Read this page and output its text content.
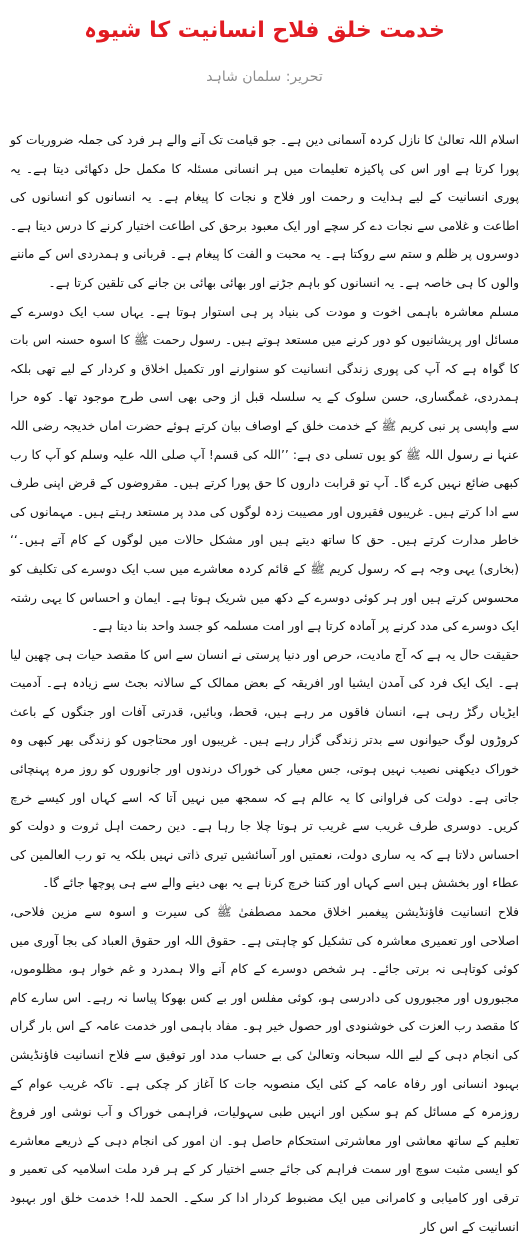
خدمت خلق فلاح انسانیت کا شیوہ
تحریر: سلمان شاہد

اسلام اللہ تعالیٰ کا نازل کردہ آسمانی دین ہے۔ جو قیامت تک آنے والے ہر فرد کی جملہ ضروریات کو پورا کرتا ہے اور اس کی پاکیزہ تعلیمات میں ہر انسانی مسئلہ کا مکمل حل دکھائی دیتا ہے۔ یہ پوری انسانیت کے لیے ہدایت و رحمت اور فلاح و نجات کا پیغام ہے۔ یہ انسانوں کو انسانوں کی اطاعت و غلامی سے نجات دے کر سچے اور ایک معبود برحق کی اطاعت اختیار کرنے کا درس دیتا ہے۔ دوسروں پر ظلم و ستم سے روکتا ہے۔ یہ محبت و الفت کا پیغام ہے۔ قربانی و ہمدردی اس کے ماننے والوں کا ہی خاصہ ہے۔ یہ انسانوں کو باہم جڑنے اور بھائی بھائی بن جانے کی تلقین کرتا ہے۔

مسلم معاشرہ باہمی اخوت و مودت کی بنیاد پر ہی استوار ہوتا ہے۔ یہاں سب ایک دوسرے کے مسائل اور پریشانیوں کو دور کرنے میں مستعد ہوتے ہیں۔ رسول رحمت ﷺ کا اسوہ حسنہ اس بات کا گواہ ہے کہ آپ کی پوری زندگی انسانیت کو سنوارنے اور تکمیل اخلاق و کردار کے لیے تھی بلکہ ہمدردی، غمگساری، حسن سلوک کے یہ سلسلہ قبل از وحی بھی اسی طرح موجود تھا۔ کوہ حرا سے واپسی پر نبی کریم ﷺ کے خدمت خلق کے اوصاف بیان کرتے ہوئے حضرت اماں خدیجہ رضی اللہ عنہا نے رسول اللہ ﷺ کو یوں تسلی دی ہے: ’’اللہ کی قسم! آپ صلی اللہ علیہ وسلم کو آپ کا رب کبھی ضائع نہیں کرے گا۔ آپ تو قرابت داروں کا حق پورا کرتے ہیں۔ مقروضوں کے قرض اپنی طرف سے ادا کرتے ہیں۔ غریبوں فقیروں اور مصیبت زدہ لوگوں کی مدد پر مستعد رہتے ہیں۔ مہمانوں کی خاطر مدارت کرتے ہیں۔ حق کا ساتھ دیتے ہیں اور مشکل حالات میں لوگوں کے کام آتے ہیں۔‘‘ (بخاری) یہی وجہ ہے کہ رسول کریم ﷺ کے قائم کردہ معاشرے میں سب ایک دوسرے کی تکلیف کو محسوس کرتے ہیں اور ہر کوئی دوسرے کے دکھ میں شریک ہوتا ہے۔ ایمان و احساس کا یہی رشتہ ایک دوسرے کی مدد کرنے پر آمادہ کرتا ہے اور امت مسلمہ کو جسد واحد بنا دیتا ہے۔

حقیقت حال یہ ہے کہ آج مادیت، حرص اور دنیا پرستی نے انسان سے اس کا مقصد حیات ہی چھین لیا ہے۔ ایک ایک فرد کی آمدن ایشیا اور افریقہ کے بعض ممالک کے سالانہ بجٹ سے زیادہ ہے۔ آدمیت ایڑیاں رگڑ رہی ہے، انسان فاقوں مر رہے ہیں، قحط، وبائیں، قدرتی آفات اور جنگوں کے باعث کروڑوں لوگ حیوانوں سے بدتر زندگی گزار رہے ہیں۔ غریبوں اور محتاجوں کو زندگی بھر کبھی وہ خوراک دیکھنی نصیب نہیں ہوتی، جس معیار کی خوراک درندوں اور جانوروں کو روز مرہ پہنچائی جاتی ہے۔ دولت کی فراوانی کا یہ عالم ہے کہ سمجھ میں نہیں آتا کہ اسے کہاں اور کیسے خرچ کریں۔ دوسری طرف غریب سے غریب تر ہوتا چلا جا رہا ہے۔ دین رحمت اہل ثروت و دولت کو احساس دلاتا ہے کہ یہ ساری دولت، نعمتیں اور آسائشیں تیری ذاتی نہیں بلکہ یہ تو رب العالمین کی عطاء اور بخشش ہیں اسے کہاں اور کتنا خرچ کرنا ہے یہ بھی دینے والے سے ہی پوچھا جائے گا۔

فلاح انسانیت فاؤنڈیشن پیغمبر اخلاق محمد مصطفیٰ ﷺ کی سیرت و اسوہ سے مزین فلاحی، اصلاحی اور تعمیری معاشرہ کی تشکیل کو چاہتی ہے۔ حقوق اللہ اور حقوق العباد کی بجا آوری میں کوئی کوتاہی نہ برتی جائے۔ ہر شخص دوسرے کے کام آنے والا ہمدرد و غم خوار ہو، مظلوموں، مجبوروں اور مجبوروں کی دادرسی ہو، کوئی مفلس اور بے کس بھوکا پیاسا نہ رہے۔ اس سارے کام کا مقصد رب العزت کی خوشنودی اور حصول خیر ہو۔ مفاد باہمی اور خدمت عامہ کے اس بار گراں کی انجام دہی کے لیے اللہ سبحانہ وتعالیٰ کی بے حساب مدد اور توفیق سے فلاح انسانیت فاؤنڈیشن بہبود انسانی اور رفاہ عامہ کے کئی ایک منصوبہ جات کا آغاز کر چکی ہے۔ تاکہ غریب عوام کے روزمرہ کے مسائل کم ہو سکیں اور انہیں طبی سہولیات، فراہمی خوراک و آب نوشی اور فروغ تعلیم کے ساتھ معاشی اور معاشرتی استحکام حاصل ہو۔ ان امور کی انجام دہی کے ذریعے معاشرے کو ایسی مثبت سوچ اور سمت فراہم کی جائے جسے اختیار کر کے ہر فرد ملت اسلامیہ کی تعمیر و ترقی اور کامیابی و کامرانی میں ایک مضبوط کردار ادا کر سکے۔ الحمد للہ! خدمت خلق اور بہبود انسانیت کے اس کار
